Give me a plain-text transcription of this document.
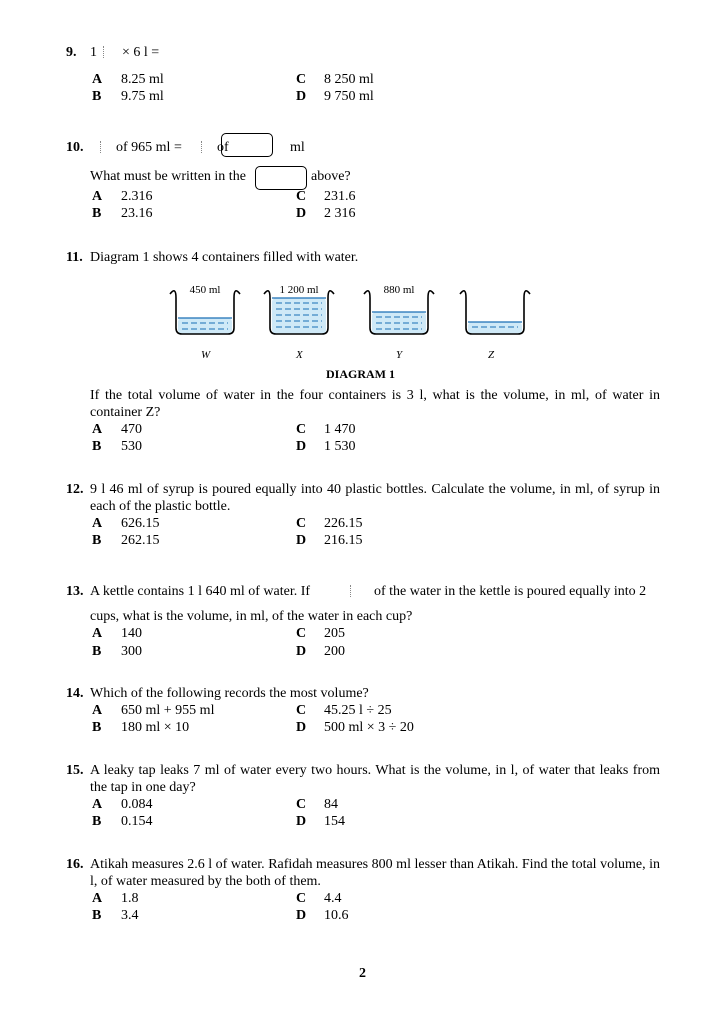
9. 1 × 6 l =
A 8.25 ml
B 9.75 ml
C 8 250 ml
D 9 750 ml
10. of 965 ml =	of	ml
What must be written in the	above?
A 2.316
B 23.16
C 231.6
D 2 316
11. Diagram 1 shows 4 containers filled with water.
450 ml	1 200 ml	880 ml
W	X	Y	Z
DIAGRAM 1
If the total volume of water in the four containers is 3 l, what is the volume, in ml, of water in container Z?
A 470
B 530
C 1 470
D 1 530
12. 9 l 46 ml of syrup is poured equally into 40 plastic bottles. Calculate the volume, in ml, of syrup in each of the plastic bottle.
A 626.15
B 262.15
C 226.15
D 216.15
13. A kettle contains 1 l 640 ml of water. If	of the water in the kettle is poured equally into 2
cups, what is the volume, in ml, of the water in each cup?
A 140
B 300
C 205
D 200
14. Which of the following records the most volume?
A 650 ml + 955 ml
B 180 ml × 10
C 45.25 l ÷ 25
D 500 ml × 3 ÷ 20
15. A leaky tap leaks 7 ml of water every two hours. What is the volume, in l, of water that leaks from the tap in one day?
A 0.084
B 0.154
C 84
D 154
16. Atikah measures 2.6 l of water. Rafidah measures 800 ml lesser than Atikah. Find the total volume, in l, of water measured by the both of them.
A 1.8
B 3.4
C 4.4
D 10.6
2
